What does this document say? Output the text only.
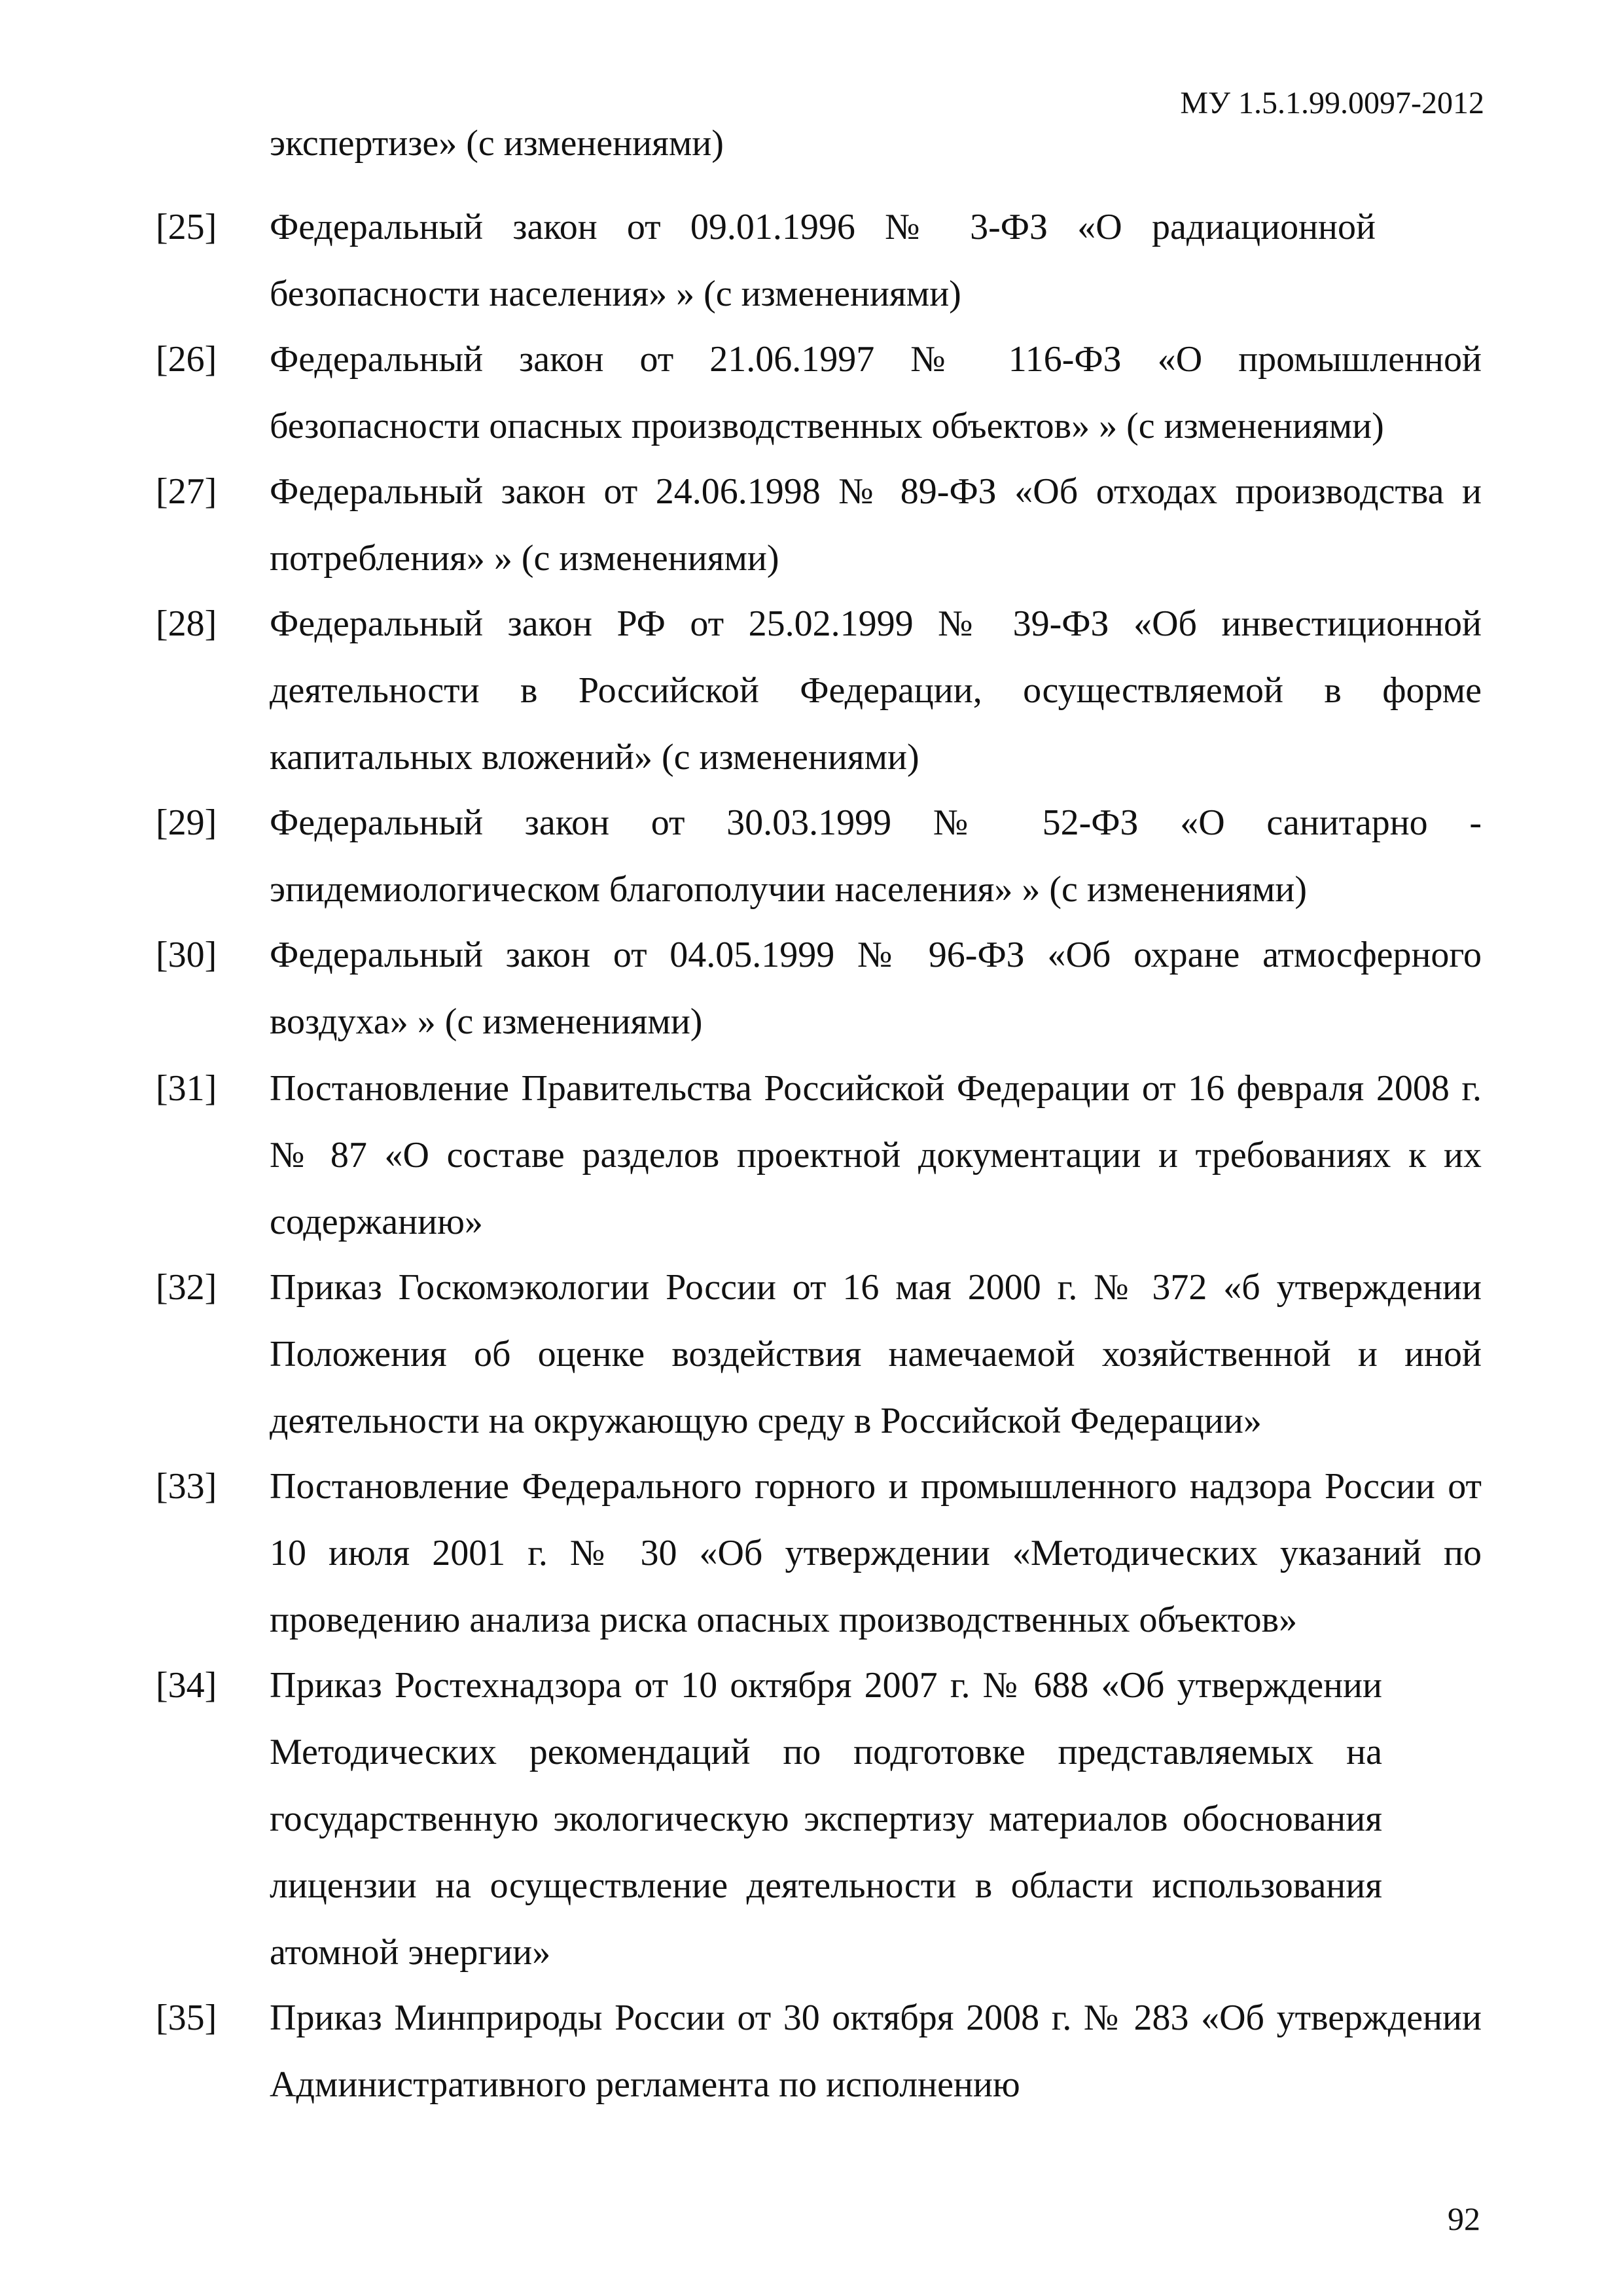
МУ 1.5.1.99.0097-2012
экспертизе» (с изменениями)
[25]	Федеральный закон от 09.01.1996 № 3-ФЗ «О радиационной безопасности населения» » (с изменениями)
[26]	Федеральный закон от 21.06.1997 № 116-ФЗ «О промышленной безопасности опасных производственных объектов» » (с изменениями)
[27]	Федеральный закон от 24.06.1998 № 89-ФЗ «Об отходах производства и потребления» » (с изменениями)
[28]	Федеральный закон РФ от 25.02.1999 № 39-ФЗ «Об инвестиционной деятельности в Российской Федерации, осуществляемой в форме капитальных вложений» (с изменениями)
[29]	Федеральный закон от 30.03.1999 № 52-ФЗ «О санитарно - эпидемиологическом благополучии населения» » (с изменениями)
[30]	Федеральный закон от 04.05.1999 № 96-ФЗ «Об охране атмосферного воздуха» » (с изменениями)
[31]	Постановление Правительства Российской Федерации от 16 февраля 2008 г. № 87 «О составе разделов проектной документации и требованиях к их содержанию»
[32]	Приказ Госкомэкологии России от 16 мая 2000 г. № 372 «б утверждении Положения об оценке воздействия намечаемой хозяйственной и иной деятельности на окружающую среду в Российской Федерации»
[33]	Постановление Федерального горного и промышленного надзора России от 10 июля 2001 г. № 30 «Об утверждении «Методических указаний по проведению анализа риска опасных производственных объектов»
[34]	Приказ Ростехнадзора от 10 октября 2007 г. № 688 «Об утверждении Методических рекомендаций по подготовке представляемых на государственную экологическую экспертизу материалов обоснования лицензии на осуществление деятельности в области использования атомной энергии»
[35]	Приказ Минприроды России от 30 октября 2008 г. № 283 «Об утверждении Административного регламента по исполнению
92
